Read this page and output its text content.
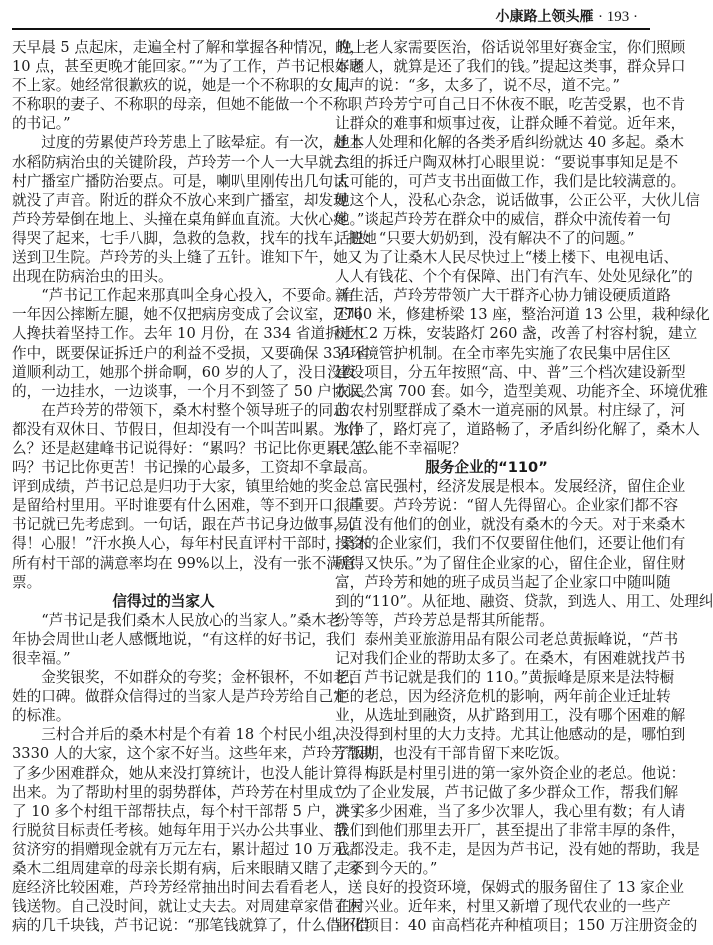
小康路上领头雁 · 193 ·
天早晨 5 点起床，走遍全村了解和掌握各种情况，晚上
10 点，甚至更晚才能回家。”“为了工作，芦书记根本顾
不上家。她经常很歉疚的说，她是一个不称职的女儿、
不称职的妻子、不称职的母亲，但她不能做一个不称职
的书记。”
过度的劳累使芦玲芳患上了眩晕症。有一次，赶上
水稻防病治虫的关键阶段，芦玲芳一个人一大早就去
村广播室广播防治要点。可是，喇叭里刚传出几句话
就没了声音。附近的群众不放心来到广播室，却发现
芦玲芳晕倒在地上、头撞在桌角鲜血直流。大伙心疼
得哭了起来，七手八脚，急救的急救，找车的找车，把她
送到卫生院。芦玲芳的头上缝了五针。谁知下午，她又
出现在防病治虫的田头。
“芦书记工作起来那真叫全身心投入，不要命。有
一年因公摔断左腿，她不仅把病房变成了会议室，还叫
人搀扶着坚持工作。去年 10 月份，在 334 省道拆迁工
作中，既要保证拆迁户的利益不受损，又要确保 334 省
道顺利动工，她那个拼命啊，60 岁的人了，没日没夜
的，一边挂水，一边谈事，一个月不到签了 50 户协议。”
在芦玲芳的带领下，桑木村整个领导班子的同志
都没有双休日、节假日，但却没有一个叫苦叫累。为什
么？还是赵建峰书记说得好：“累吗？书记比你更累！苦
吗？书记比你更苦！书记操的心最多，工资却不拿最高。
评到成绩，芦书记总是归功于大家，镇里给她的奖金总
是留给村里用。平时谁要有什么困难，等不到开口，芦
书记就已先考虑到。一句话，跟在芦书记身边做事，值
得！心服！”汗水换人心，每年村民直评村干部时，桑木
所有村干部的满意率均在 99%以上，没有一张不满意
票。
信得过的当家人
“芦书记是我们桑木人民放心的当家人。”桑木老
年协会周世山老人感慨地说，“有这样的好书记，我们
很幸福。”
金奖银奖，不如群众的夸奖；金杯银杯，不如老百
姓的口碑。做群众信得过的当家人是芦玲芳给自己定
的标准。
三村合并后的桑木村是个有着 18 个村民小组，
3330 人的大家，这个家不好当。这些年来，芦玲芳帮助
了多少困难群众，她从来没打算统计，也没人能计算得
出来。为了帮助村里的弱势群体，芦玲芳在村里成立
了 10 多个村组干部帮扶点，每个村干部帮 5 户，并实
行脱贫目标责任考核。她每年用于兴办公共事业、帮
贫济穷的捐赠现金就有万元左右，累计超过 10 万元。
桑木二组周建章的母亲长期有病，后来眼睛又瞎了，家
庭经济比较困难，芦玲芳经常抽出时间去看看老人，送
钱送物。自己没时间，就让丈夫去。对周建章家借了医
病的几千块钱，芦书记说：“那笔钱就算了，什么借不借
的，老人家需要医治，俗话说邻里好赛金宝，你们照顾
好老人，就算是还了我们的钱。”提起这类事，群众异口
同声的说：“多，太多了，说不尽，道不完。”
芦玲芳宁可自己日不休夜不眠，吃苦受累，也不肯
让群众的难事和烦事过夜，让群众睡不着觉。近年来，
她本人处理和化解的各类矛盾纠纷就达 40 多起。桑木
六组的拆迁户陶双林打心眼里说：“要说事事知足是不
太可能的，可芦支书出面做工作，我们是比较满意的。
她这个人，没私心杂念，说话做事，公正公平，大伙儿信
她。”谈起芦玲芳在群众中的威信，群众中流传着一句
话说：“只要大奶奶到，没有解决不了的问题。”
为了让桑木人民尽快过上“楼上楼下、电视电话、
人人有钱花、个个有保障、出门有汽车、处处见绿化”的
新生活，芦玲芳带领广大干群齐心协力铺设硬质道路
7760 米，修建桥梁 13 座，整治河道 13 公里，栽种绿化
树木 2 万株，安装路灯 260 盏，改善了村容村貌，建立
了环境管护机制。在全市率先实施了农民集中居住区
建设项目，分五年按照“高、中、普”三个档次建设新型
农民公寓 700 套。如今，造型美观、功能齐全、环境优雅
的农村别墅群成了桑木一道亮丽的风景。村庄绿了，河
水净了，路灯亮了，道路畅了，矛盾纠纷化解了，桑木人
民怎么能不幸福呢？
服务企业的“110”
富民强村，经济发展是根本。发展经济，留住企业
很重要。芦玲芳说：“留人先得留心。企业家们都不容
易，没有他们的创业，就没有桑木的今天。对于来桑木
投资的企业家们，我们不仅要留住他们，还要让他们有
所得又快乐。”为了留住企业家的心，留住企业，留住财
富，芦玲芳和她的班子成员当起了企业家口中随叫随
到的“110”。从征地、融资、贷款，到选人、用工、处理纠
纷等等，芦玲芳总是帮其所能帮。
泰州美亚旅游用品有限公司老总黄振峰说，“芦书
记对我们企业的帮助太多了。在桑木，有困难就找芦书
记，芦书记就是我们的 110。”黄振峰是原来是法特橱
柜的老总，因为经济危机的影响，两年前企业迁址转
业，从选址到融资，从扩路到用工，没有哪个困难的解
决没得到村里的大力支持。尤其让他感动的是，哪怕到
了饭期，也没有干部肯留下来吃饭。
梅跃是村里引进的第一家外资企业的老总。他说：
“为了企业发展，芦书记做了多少群众工作，帮我们解
决了多少困难，当了多少次罪人，我心里有数；有人请
我们到他们那里去开厂，甚至提出了非常丰厚的条件，
我都没走。我不走，是因为芦书记，没有她的帮助，我是
走不到今天的。”
良好的投资环境，保姆式的服务留住了 13 家企业
在村兴业。近年来，村里又新增了现代农业的一些产
业化项目：40 亩高档花卉种植项目；150 万注册资金的
